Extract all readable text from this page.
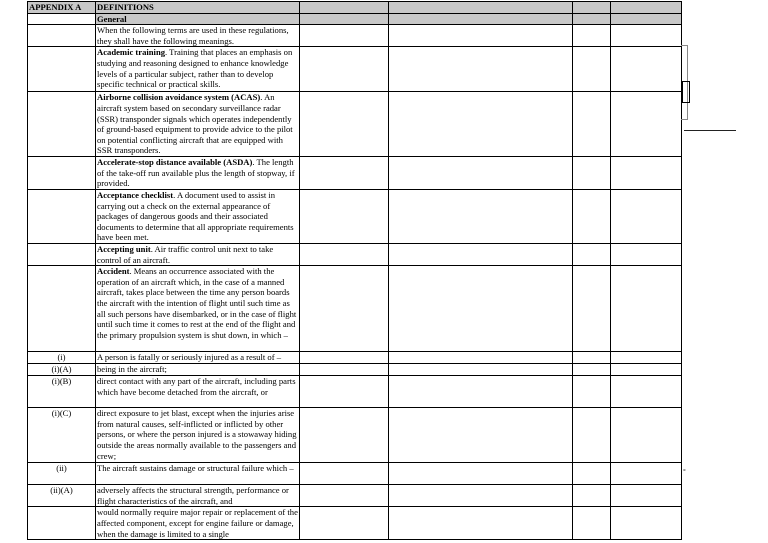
APPENDIX A	DEFINITIONS				
	General				
	When the following terms are used in these regulations, they shall have the following meanings.				
	Academic training. Training that places an emphasis on studying and reasoning designed to enhance knowledge levels of a particular subject, rather than to develop specific technical or practical skills.				
	Airborne collision avoidance system (ACAS). An aircraft system based on secondary surveillance radar (SSR) transponder signals which operates independently of ground-based equipment to provide advice to the pilot on potential conflicting aircraft that are equipped with SSR transponders.				
	Accelerate-stop distance available (ASDA). The length of the take-off run available plus the length of stopway, if provided.				
	Acceptance checklist. A document used to assist in carrying out a check on the external appearance of packages of dangerous goods and their associated documents to determine that all appropriate requirements have been met.				
	Accepting unit. Air traffic control unit next to take control of an aircraft.				
	Accident. Means an occurrence associated with the operation of an aircraft which, in the case of a manned aircraft, takes place between the time any person boards the aircraft with the intention of flight until such time as all such persons have disembarked, or in the case of flight until such time it comes to rest at the end of the flight and the primary propulsion system is shut down, in which –				
(i)	A person is fatally or seriously injured as a result of –				
(i)(A)	being in the aircraft;				
(i)(B)	direct contact with any part of the aircraft, including parts which have become detached from the aircraft, or				
(i)(C)	direct exposure to jet blast, except when the injuries arise from natural causes, self-inflicted or inflicted by other persons, or where the person injured is a stowaway hiding outside the areas normally available to the passengers and crew;				
(ii)	The aircraft sustains damage or structural failure which –				
(ii)(A)	adversely affects the structural strength, performance or flight characteristics of the aircraft, and				
	would normally require major repair or replacement of the affected component, except for engine failure or damage, when the damage is limited to a single				
°
